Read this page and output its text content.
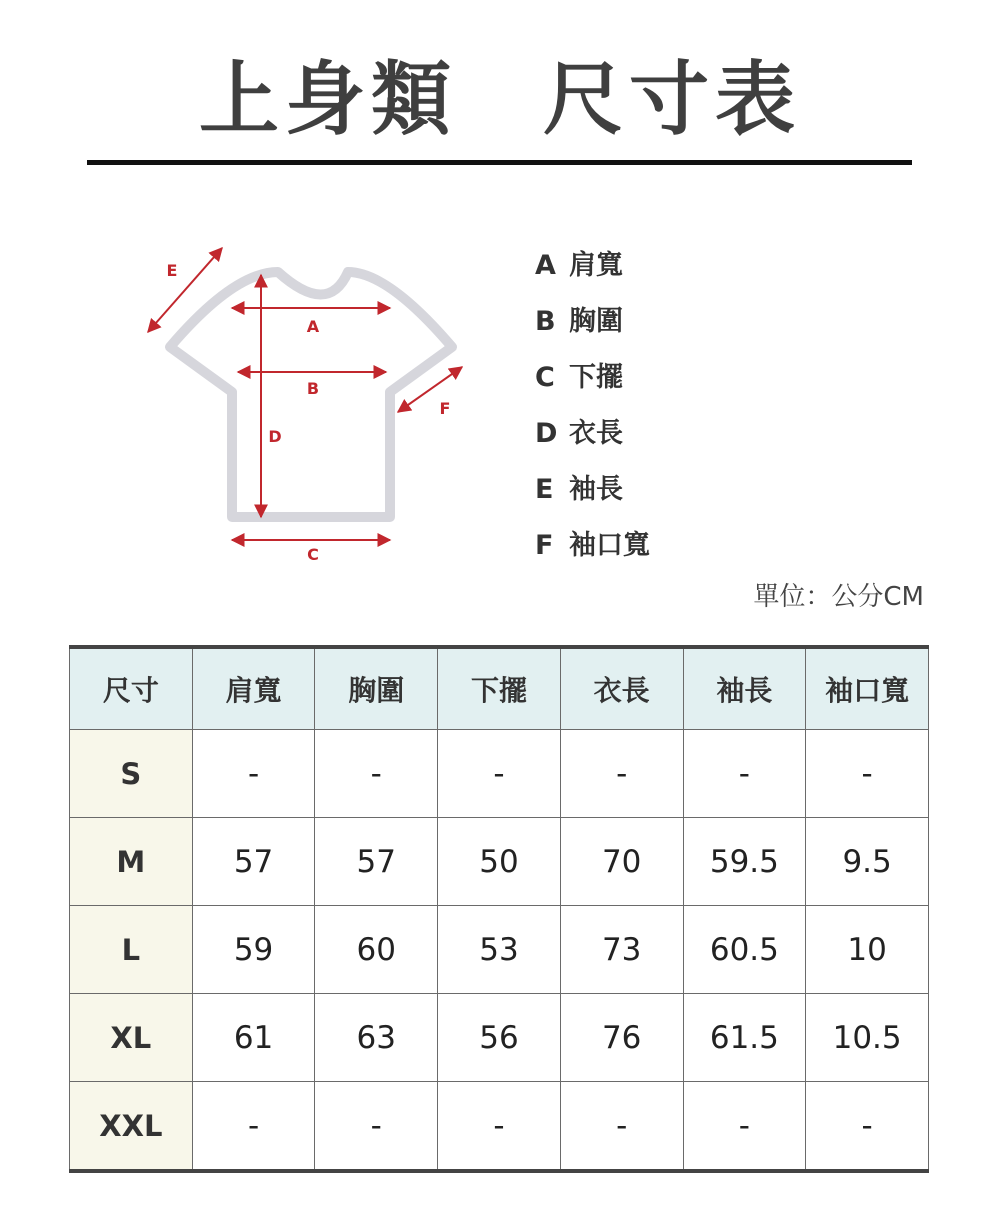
上身類　尺寸表
E
A
B
D
F
C
A 肩寬
B 胸圍
C 下擺
D 衣長
E 袖長
F 袖口寬
單位：公分CM
尺寸	肩寬	胸圍	下擺	衣長	袖長	袖口寬
S	-	-	-	-	-	-
M	57	57	50	70	59.5	9.5
L	59	60	53	73	60.5	10
XL	61	63	56	76	61.5	10.5
XXL	-	-	-	-	-	-
